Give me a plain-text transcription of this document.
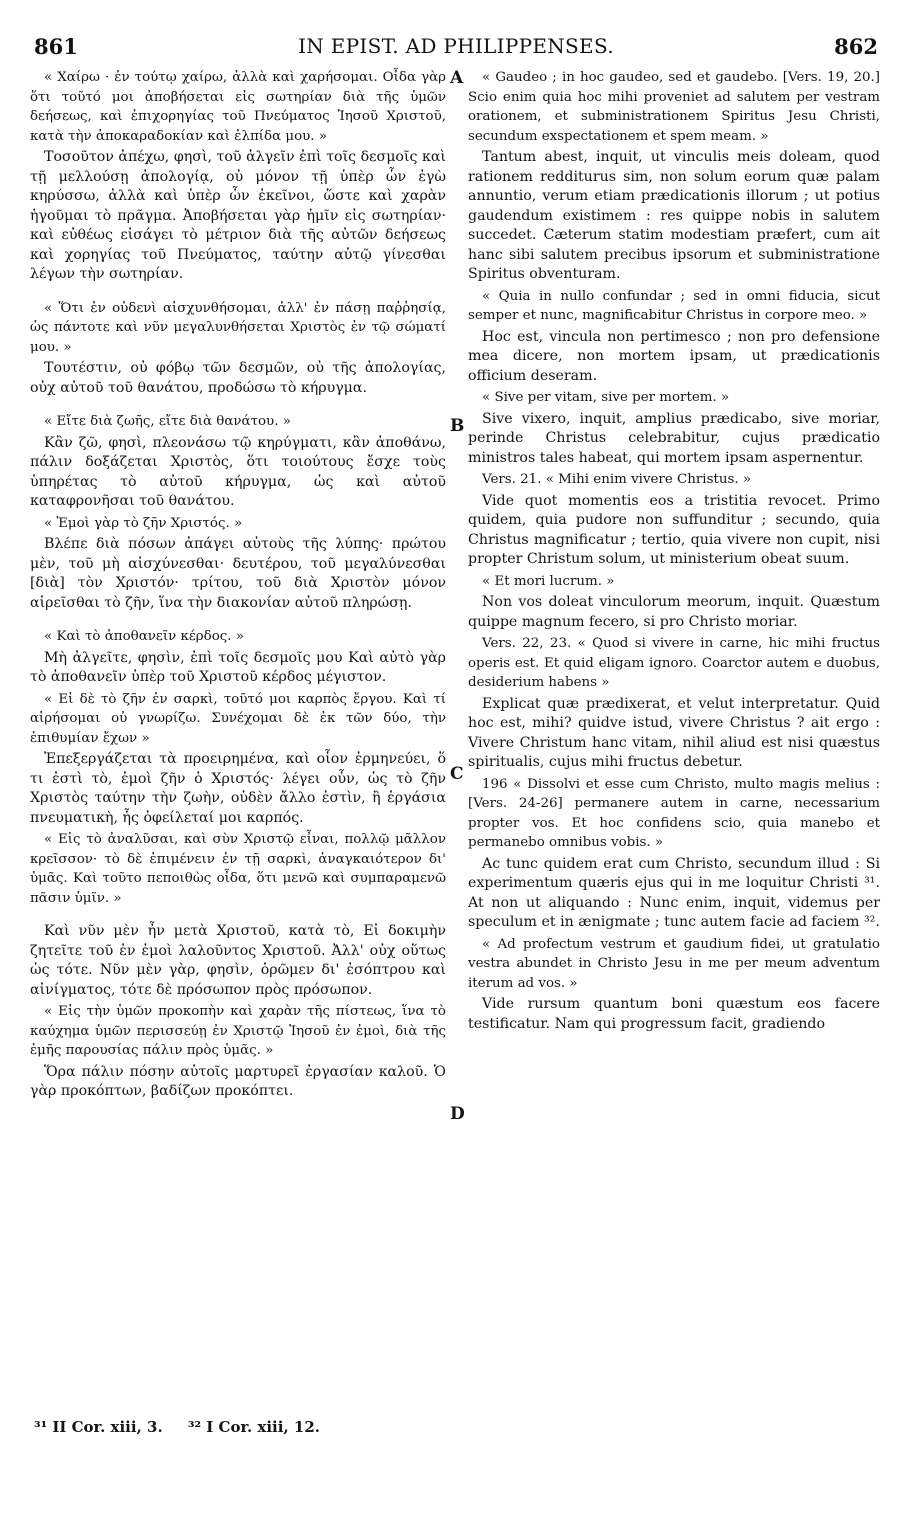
861	IN EPIST. AD PHILIPPENSES.	862

« Χαίρω · ἐν τούτῳ χαίρω, ἀλλὰ καὶ χαρήσομαι. Οἶδα γὰρ ὅτι τοῦτό μοι ἀποβήσεται εἰς σωτηρίαν διὰ τῆς ὑμῶν δεήσεως, καὶ ἐπιχορηγίας τοῦ Πνεύματος Ἰησοῦ Χριστοῦ, κατὰ τὴν ἀποκαραδοκίαν καὶ ἐλπίδα μου. »

Τοσοῦτον ἀπέχω, φησὶ, τοῦ ἀλγεῖν ἐπὶ τοῖς δεσμοῖς καὶ τῇ μελλούσῃ ἀπολογίᾳ, οὐ μόνον τῇ ὑπὲρ ὧν ἐγὼ κηρύσσω, ἀλλὰ καὶ ὑπὲρ ὧν ἐκεῖνοι, ὥστε καὶ χαρὰν ἡγοῦμαι τὸ πρᾶγμα. Ἀποβήσεται γὰρ ἡμῖν εἰς σωτηρίαν· καὶ εὐθέως εἰσάγει τὸ μέτριον διὰ τῆς αὐτῶν δεήσεως καὶ χορηγίας τοῦ Πνεύματος, ταύτην αὐτῷ γίνεσθαι λέγων τὴν σωτηρίαν.

« Ὅτι ἐν οὐδενὶ αἰσχυνθήσομαι, ἀλλ' ἐν πάσῃ παῤῥησίᾳ, ὡς πάντοτε καὶ νῦν μεγαλυνθήσεται Χριστὸς ἐν τῷ σώματί μου. »

Τουτέστιν, οὐ φόβῳ τῶν δεσμῶν, οὐ τῆς ἀπολογίας, οὐχ αὐτοῦ τοῦ θανάτου, προδώσω τὸ κήρυγμα.

« Εἴτε διὰ ζωῆς, εἴτε διὰ θανάτου. »

Κἂν ζῶ, φησὶ, πλεονάσω τῷ κηρύγματι, κἂν ἀποθάνω, πάλιν δοξάζεται Χριστὸς, ὅτι τοιούτους ἔσχε τοὺς ὑπηρέτας τὸ αὐτοῦ κήρυγμα, ὡς καὶ αὐτοῦ καταφρονῆσαι τοῦ θανάτου.

« Ἐμοὶ γὰρ τὸ ζῆν Χριστός. »

Βλέπε διὰ πόσων ἀπάγει αὐτοὺς τῆς λύπης· πρώτου μὲν, τοῦ μὴ αἰσχύνεσθαι· δευτέρου, τοῦ μεγαλύνεσθαι [διὰ] τὸν Χριστόν· τρίτου, τοῦ διὰ Χριστὸν μόνον αἱρεῖσθαι τὸ ζῆν, ἵνα τὴν διακονίαν αὐτοῦ πληρώσῃ.

« Καὶ τὸ ἀποθανεῖν κέρδος. »

Μὴ ἀλγεῖτε, φησὶν, ἐπὶ τοῖς δεσμοῖς μου Καὶ αὐτὸ γὰρ τὸ ἀποθανεῖν ὑπὲρ τοῦ Χριστοῦ κέρδος μέγιστον.

« Εἰ δὲ τὸ ζῆν ἐν σαρκὶ, τοῦτό μοι καρπὸς ἔργου. Καὶ τί αἱρήσομαι οὐ γνωρίζω. Συνέχομαι δὲ ἐκ τῶν δύο, τὴν ἐπιθυμίαν ἔχων »

Ἐπεξεργάζεται τὰ προειρημένα, καὶ οἷον ἑρμηνεύει, ὅ τι ἐστὶ τὸ, ἐμοὶ ζῆν ὁ Χριστός· λέγει οὖν, ὡς τὸ ζῆν Χριστὸς ταύτην τὴν ζωὴν, οὐδὲν ἄλλο ἐστὶν, ἢ ἐργάσια πνευματικὴ, ἧς ὀφείλεταί μοι καρπός.

« Εἰς τὸ ἀναλῦσαι, καὶ σὺν Χριστῷ εἶναι, πολλῷ μᾶλλον κρεῖσσον· τὸ δὲ ἐπιμένειν ἐν τῇ σαρκὶ, ἀναγκαιότερον δι' ὑμᾶς. Καὶ τοῦτο πεποιθὼς οἶδα, ὅτι μενῶ καὶ συμπαραμενῶ πᾶσιν ὑμῖν. »

Καὶ νῦν μὲν ἦν μετὰ Χριστοῦ, κατὰ τὸ, Εἰ δοκιμὴν ζητεῖτε τοῦ ἐν ἐμοὶ λαλοῦντος Χριστοῦ. Ἀλλ' οὐχ οὕτως ὡς τότε. Νῦν μὲν γὰρ, φησὶν, ὁρῶμεν δι' ἐσόπτρου καὶ αἰνίγματος, τότε δὲ πρόσωπον πρὸς πρόσωπον.

« Εἰς τὴν ὑμῶν προκοπὴν καὶ χαρὰν τῆς πίστεως, ἵνα τὸ καύχημα ὑμῶν περισσεύῃ ἐν Χριστῷ Ἰησοῦ ἐν ἐμοὶ, διὰ τῆς ἐμῆς παρουσίας πάλιν πρὸς ὑμᾶς. »

Ὅρα πάλιν πόσην αὐτοῖς μαρτυρεῖ ἐργασίαν καλοῦ. Ὁ γὰρ προκόπτων, βαδίζων προκόπτει.

A
B
C
D

« Gaudeo ; in hoc gaudeo, sed et gaudebo. [Vers. 19, 20.] Scio enim quia hoc mihi proveniet ad salutem per vestram orationem, et subministrationem Spiritus Jesu Christi, secundum exspectationem et spem meam. »

Tantum abest, inquit, ut vinculis meis doleam, quod rationem redditurus sim, non solum eorum quæ palam annuntio, verum etiam prædicationis illorum ; ut potius gaudendum existimem : res quippe nobis in salutem succedet. Cæterum statim modestiam præfert, cum ait hanc sibi salutem precibus ipsorum et subministratione Spiritus obventuram.

« Quia in nullo confundar ; sed in omni fiducia, sicut semper et nunc, magnificabitur Christus in corpore meo. »

Hoc est, vincula non pertimesco ; non pro defensione mea dicere, non mortem ipsam, ut prædicationis officium deseram.

« Sive per vitam, sive per mortem. »

Sive vixero, inquit, amplius prædicabo, sive moriar, perinde Christus celebrabitur, cujus prædicatio ministros tales habeat, qui mortem ipsam aspernentur.

Vers. 21. « Mihi enim vivere Christus. »

Vide quot momentis eos a tristitia revocet. Primo quidem, quia pudore non suffunditur ; secundo, quia Christus magnificatur ; tertio, quia vivere non cupit, nisi propter Christum solum, ut ministerium obeat suum.

« Et mori lucrum. »

Non vos doleat vinculorum meorum, inquit. Quæstum quippe magnum fecero, si pro Christo moriar.

Vers. 22, 23. « Quod si vivere in carne, hic mihi fructus operis est. Et quid eligam ignoro. Coarctor autem e duobus, desiderium habens »

Explicat quæ prædixerat, et velut interpretatur. Quid hoc est, mihi? quidve istud, vivere Christus ? ait ergo : Vivere Christum hanc vitam, nihil aliud est nisi quæstus spiritualis, cujus mihi fructus debetur.

196 « Dissolvi et esse cum Christo, multo magis melius : [Vers. 24-26] permanere autem in carne, necessarium propter vos. Et hoc confidens scio, quia manebo et permanebo omnibus vobis. »

Ac tunc quidem erat cum Christo, secundum illud : Si experimentum quæris ejus qui in me loquitur Christi ³¹. At non ut aliquando : Nunc enim, inquit, videmus per speculum et in ænigmate ; tunc autem facie ad faciem ³².

« Ad profectum vestrum et gaudium fidei, ut gratulatio vestra abundet in Christo Jesu in me per meum adventum iterum ad vos. »

Vide rursum quantum boni quæstum eos facere testificatur. Nam qui progressum facit, gradiendo

³¹ II Cor. xiii, 3. ³² I Cor. xiii, 12.
